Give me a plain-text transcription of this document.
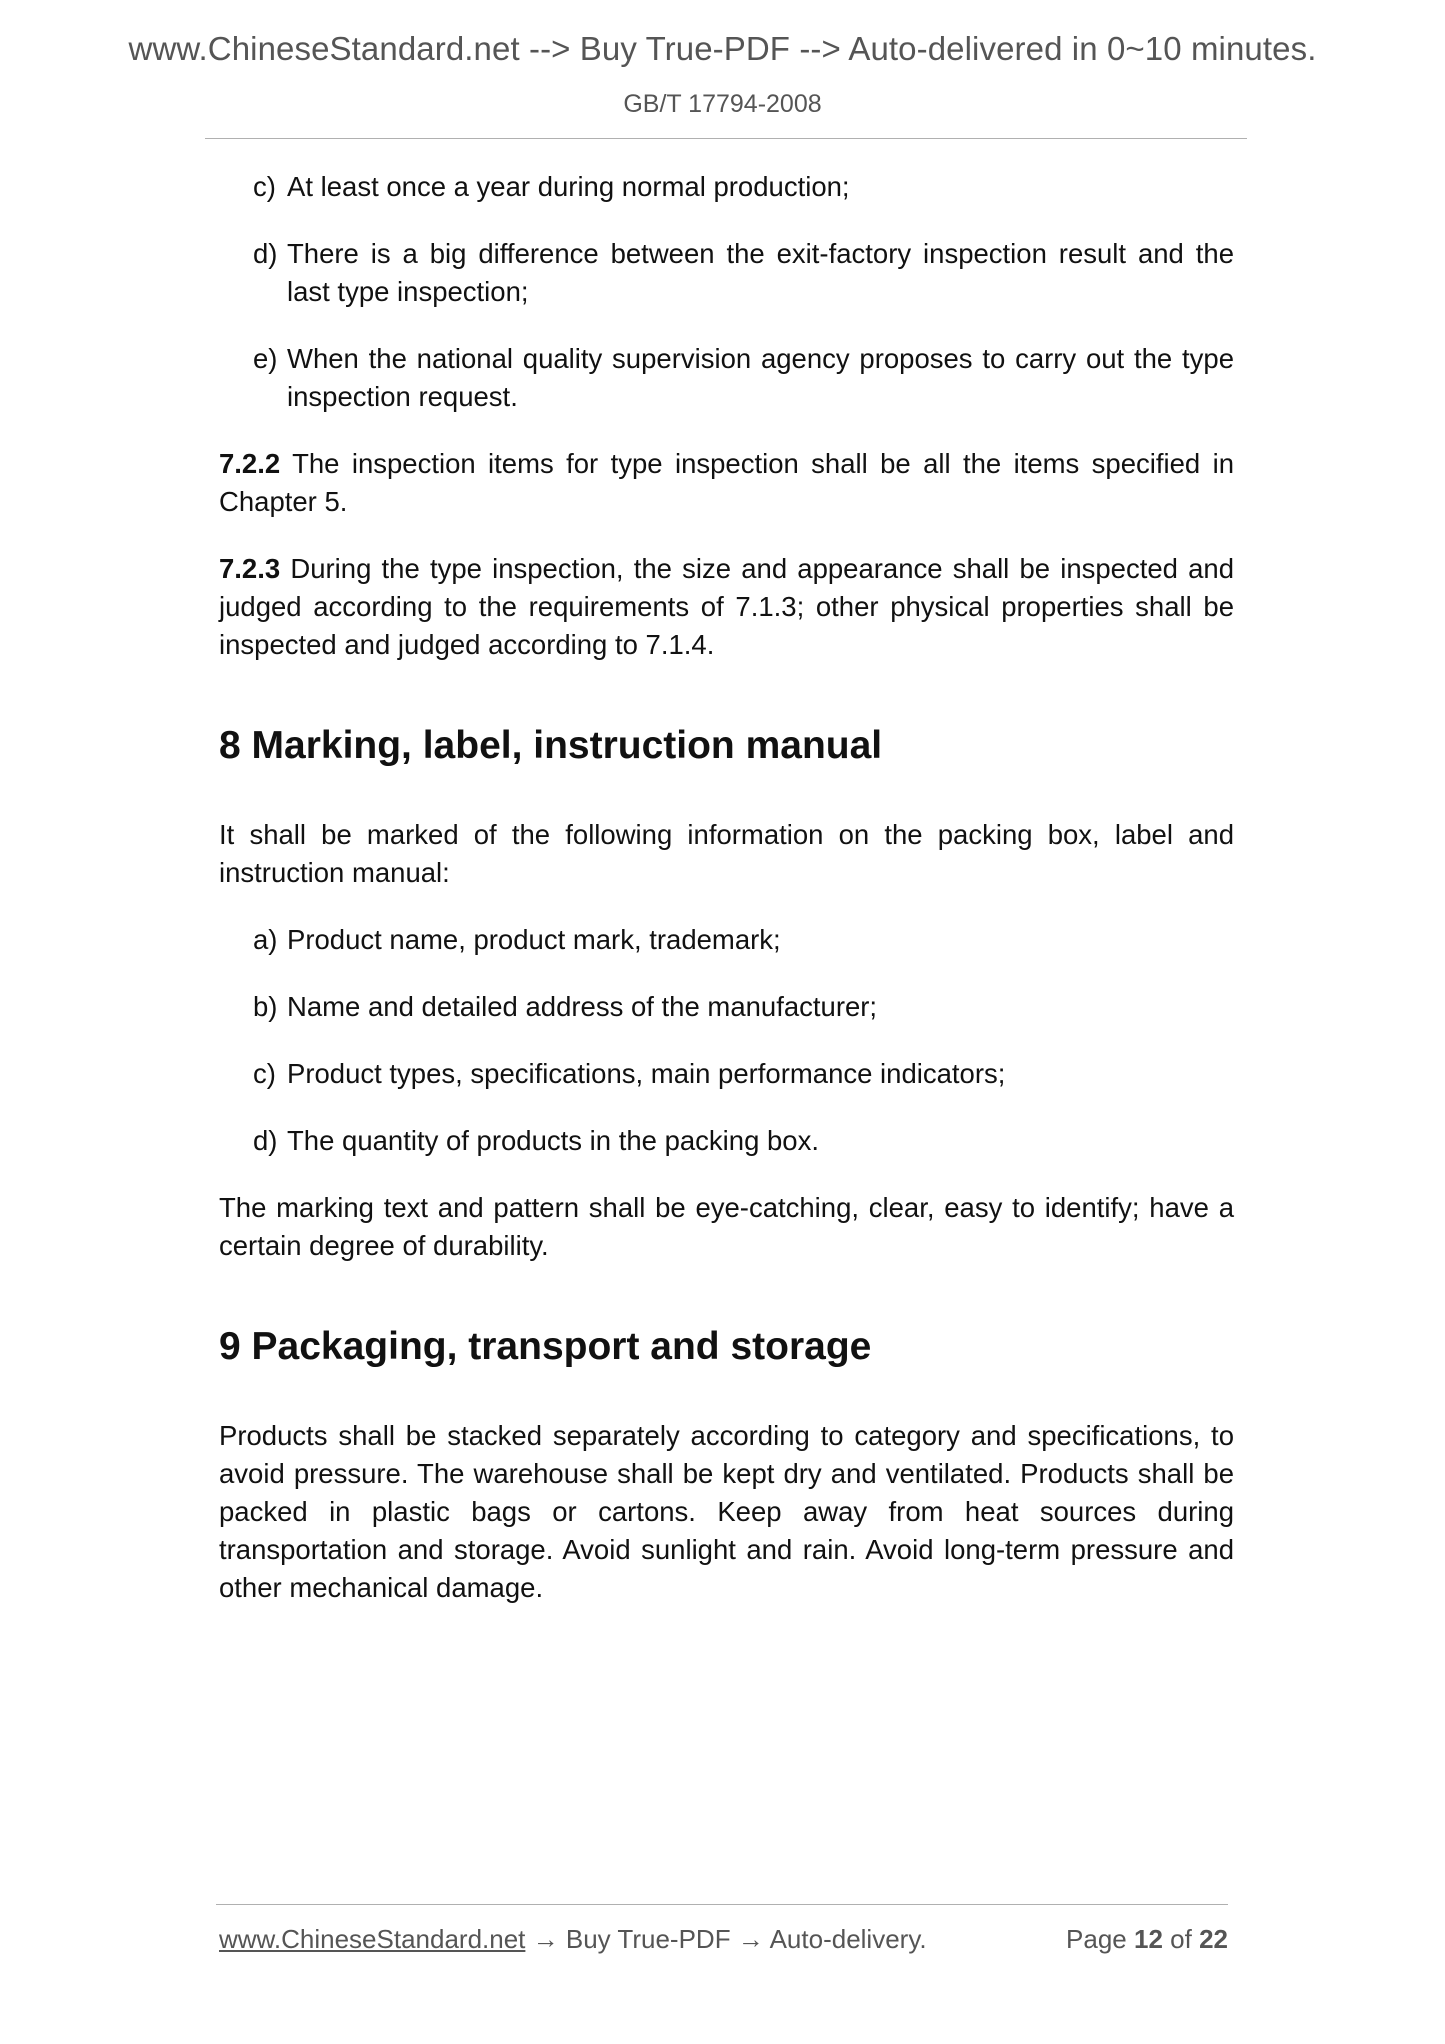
www.ChineseStandard.net --> Buy True-PDF --> Auto-delivered in 0~10 minutes.
GB/T 17794-2008
c) At least once a year during normal production;
d) There is a big difference between the exit-factory inspection result and the last type inspection;
e) When the national quality supervision agency proposes to carry out the type inspection request.

7.2.2 The inspection items for type inspection shall be all the items specified in Chapter 5.

7.2.3 During the type inspection, the size and appearance shall be inspected and judged according to the requirements of 7.1.3; other physical properties shall be inspected and judged according to 7.1.4.

8 Marking, label, instruction manual

It shall be marked of the following information on the packing box, label and instruction manual:

a) Product name, product mark, trademark;
b) Name and detailed address of the manufacturer;
c) Product types, specifications, main performance indicators;
d) The quantity of products in the packing box.

The marking text and pattern shall be eye-catching, clear, easy to identify; have a certain degree of durability.

9 Packaging, transport and storage

Products shall be stacked separately according to category and specifications, to avoid pressure. The warehouse shall be kept dry and ventilated. Products shall be packed in plastic bags or cartons. Keep away from heat sources during transportation and storage. Avoid sunlight and rain. Avoid long-term pressure and other mechanical damage.

www.ChineseStandard.net → Buy True-PDF → Auto-delivery.	Page 12 of 22
